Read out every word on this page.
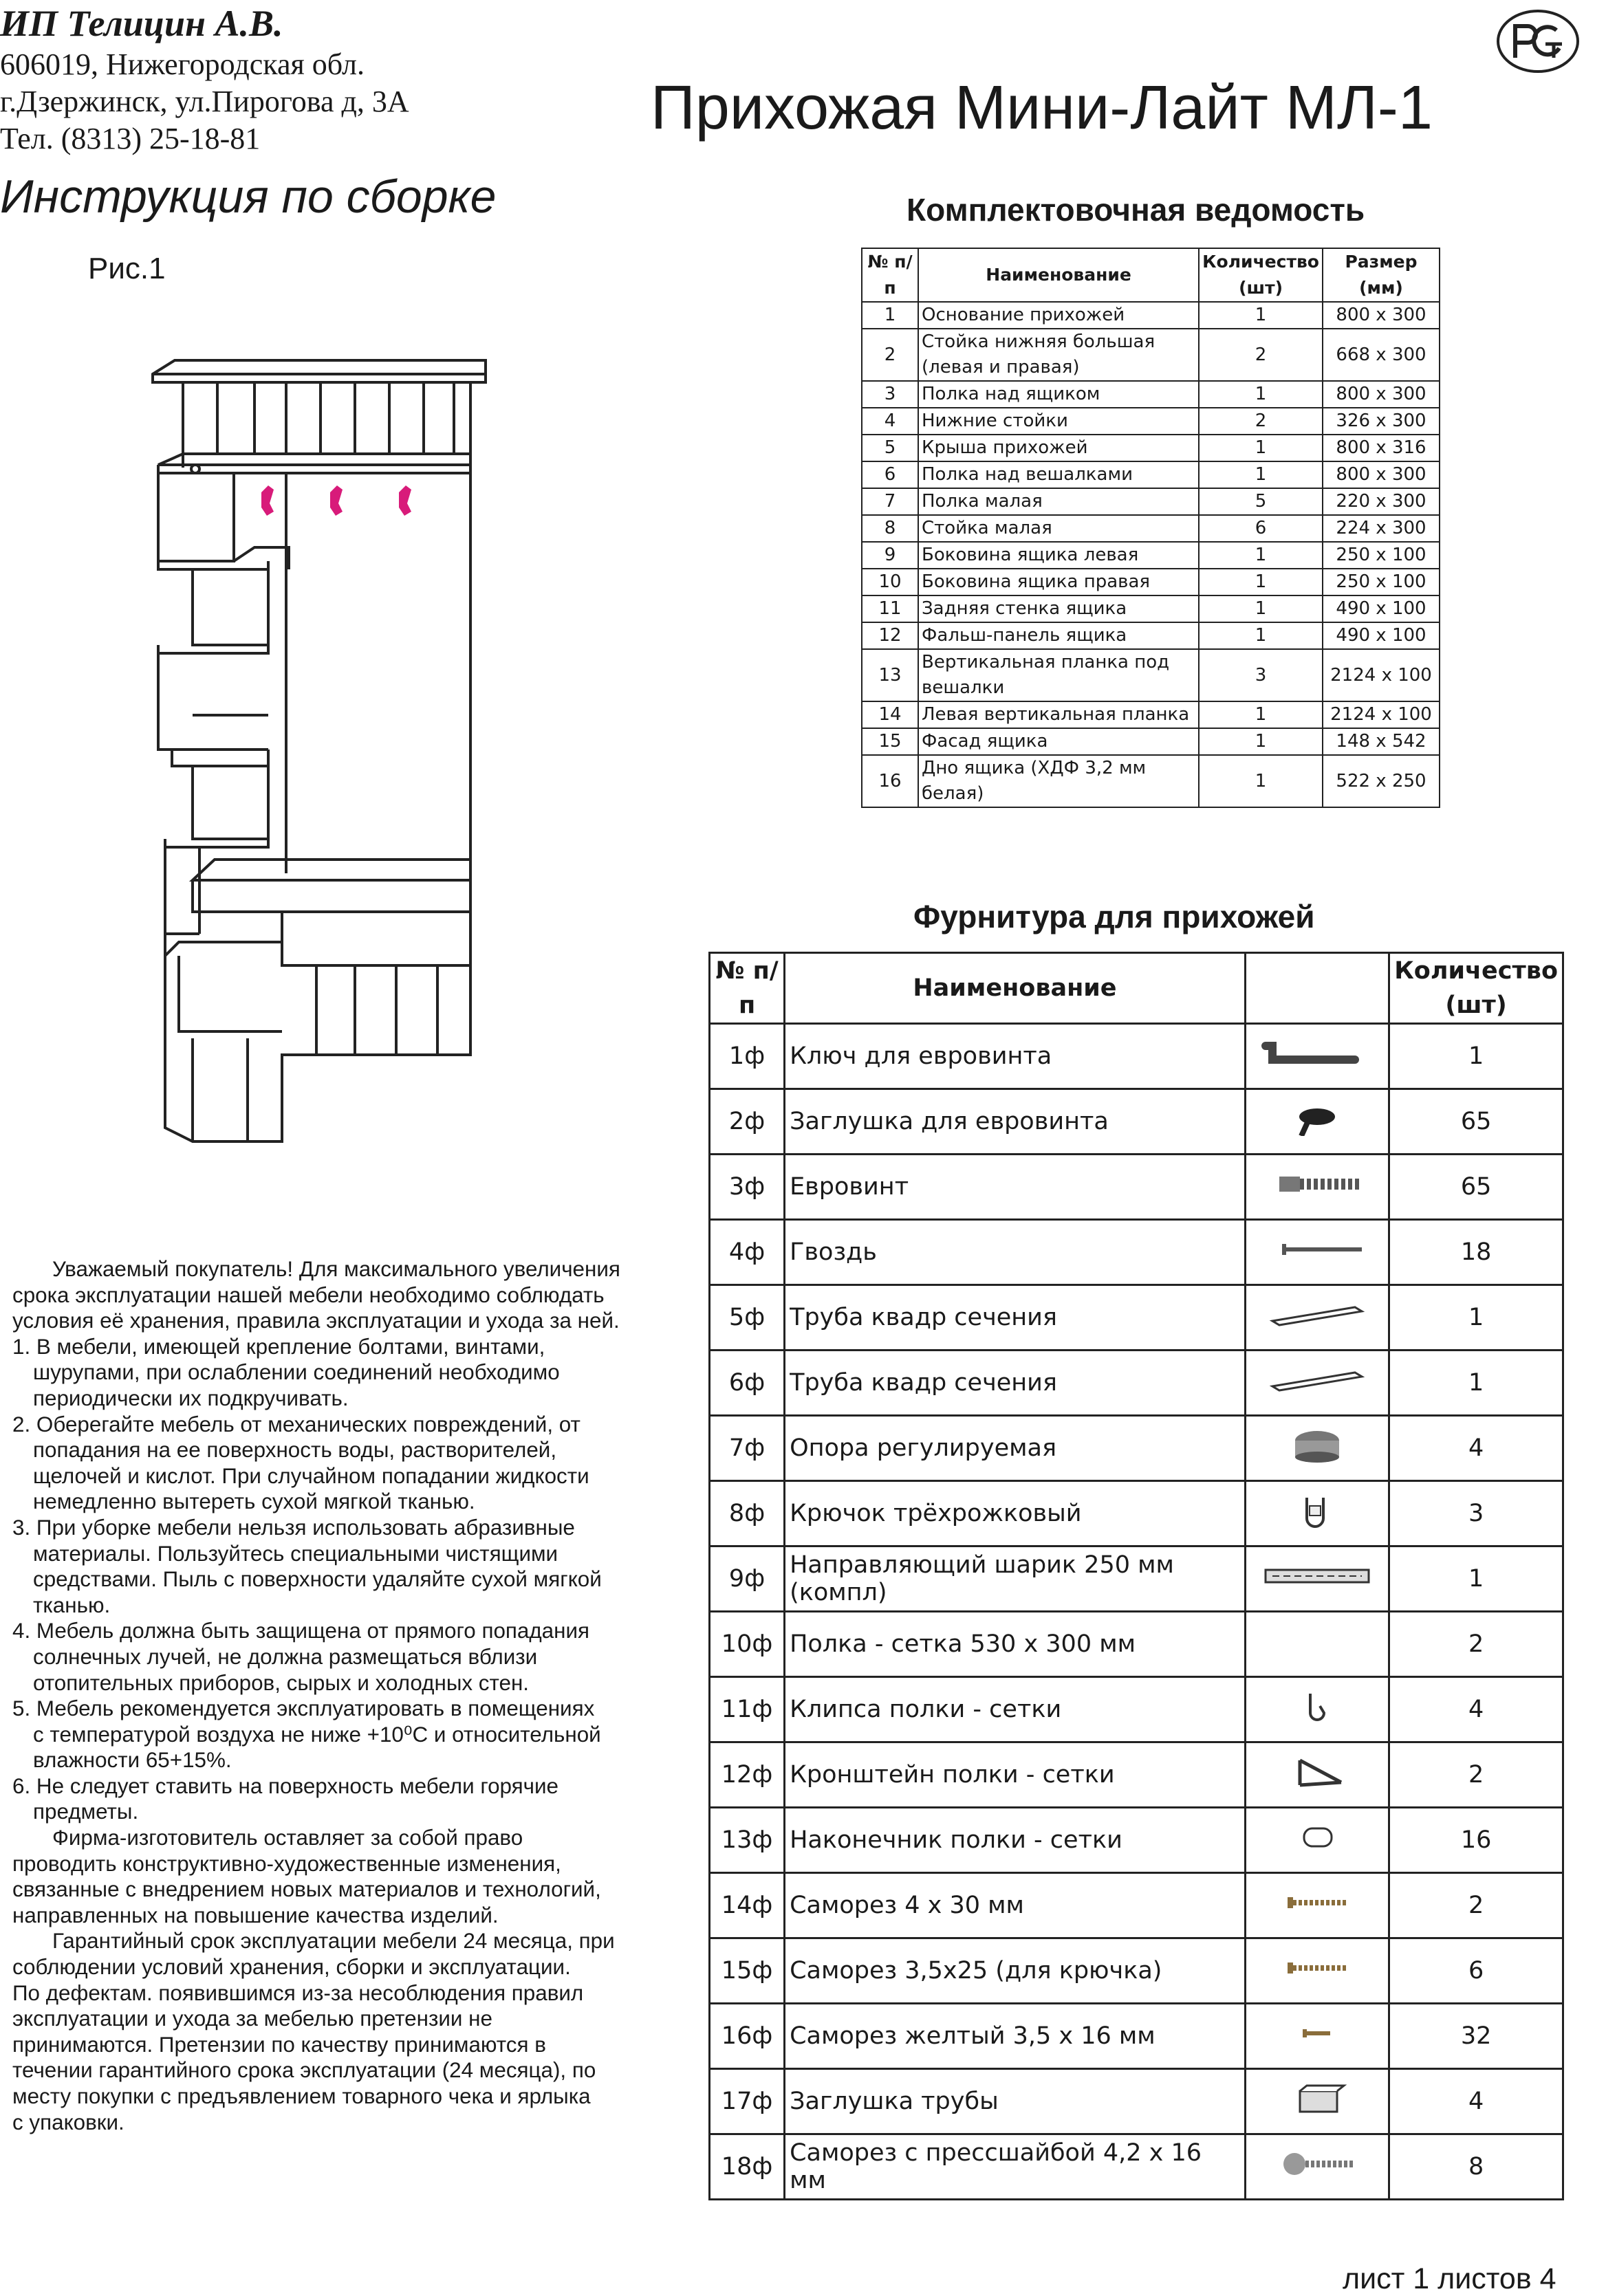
ИП Телицин А.В.
606019, Нижегородская обл.
г.Дзержинск, ул.Пирогова д, 3А
Тел. (8313) 25-18-81	Прихожая Мини-Лайт МЛ-1
Инструкция по сборке
Рис.1
Комплектовочная ведомость
№ п/п	Наименование	Количество (шт)	Размер (мм)
1	Основание прихожей	1	800 x 300
2	Стойка нижняя большая (левая и правая)	2	668 x 300
3	Полка над ящиком	1	800 x 300
4	Нижние стойки	2	326 x 300
5	Крыша прихожей	1	800 x 316
6	Полка над вешалками	1	800 x 300
7	Полка малая	5	220 x 300
8	Стойка малая	6	224 x 300
9	Боковина ящика левая	1	250 x 100
10	Боковина ящика правая	1	250 x 100
11	Задняя стенка ящика	1	490 x 100
12	Фальш-панель ящика	1	490 x 100
13	Вертикальная планка под вешалки	3	2124 x 100
14	Левая вертикальная планка	1	2124 x 100
15	Фасад ящика	1	148 x 542
16	Дно ящика (ХДФ 3,2 мм белая)	1	522 x 250
Фурнитура для прихожей
№ п/п	Наименование		Количество (шт)
1ф	Ключ для евровинта		1
2ф	Заглушка для евровинта		65
3ф	Евровинт		65
4ф	Гвоздь		18
5ф	Труба квадр сечения		1
6ф	Труба квадр сечения		1
7ф	Опора регулируемая		4
8ф	Крючок трёхрожковый		3
9ф	Направляющий шарик 250 мм (компл)		1
10ф	Полка - сетка 530 x 300 мм		2
11ф	Клипса полки - сетки		4
12ф	Кронштейн полки - сетки		2
13ф	Наконечник полки - сетки		16
14ф	Саморез 4 x 30 мм		2
15ф	Саморез 3,5x25 (для крючка)		6
16ф	Саморез желтый 3,5 x 16 мм		32
17ф	Заглушка трубы		4
18ф	Саморез с прессшайбой 4,2 x 16 мм		8

Уважаемый покупатель! Для максимального увеличения

срока эксплуатации нашей мебели необходимо соблюдать

условия её хранения, правила эксплуатации и ухода за ней.

1. В мебели, имеющей крепление болтами, винтами,

шурупами, при ослаблении соединений необходимо

периодически их подкручивать.

2. Оберегайте мебель от механических повреждений, от

попадания на ее поверхность воды, растворителей,

щелочей и кислот. При случайном попадании жидкости

немедленно вытереть сухой мягкой тканью.

3. При уборке мебели нельзя использовать абразивные

материалы. Пользуйтесь специальными чистящими

средствами. Пыль с поверхности удаляйте сухой мягкой

тканью.

4. Мебель должна быть защищена от прямого попадания

солнечных лучей, не должна размещаться вблизи

отопительных приборов, сырых и холодных стен.

5. Мебель рекомендуется эксплуатировать в помещениях

с температурой воздуха не ниже +10⁰С и относительной

влажности 65+15%.

6. Не следует ставить на поверхность мебели горячие

предметы.

Фирма-изготовитель оставляет за собой право

проводить конструктивно-художественные изменения,

связанные с внедрением новых материалов и технологий,

направленных на повышение качества изделий.

Гарантийный срок эксплуатации мебели 24 месяца, при

соблюдении условий хранения, сборки и эксплуатации.

По дефектам. появившимся из-за несоблюдения правил

эксплуатации и ухода за мебелью претензии не

принимаются. Претензии по качеству принимаются в

течении гарантийного срока эксплуатации (24 месяца), по

месту покупки с предъявлением товарного чека и ярлыка

с упаковки.

лист 1 листов 4
